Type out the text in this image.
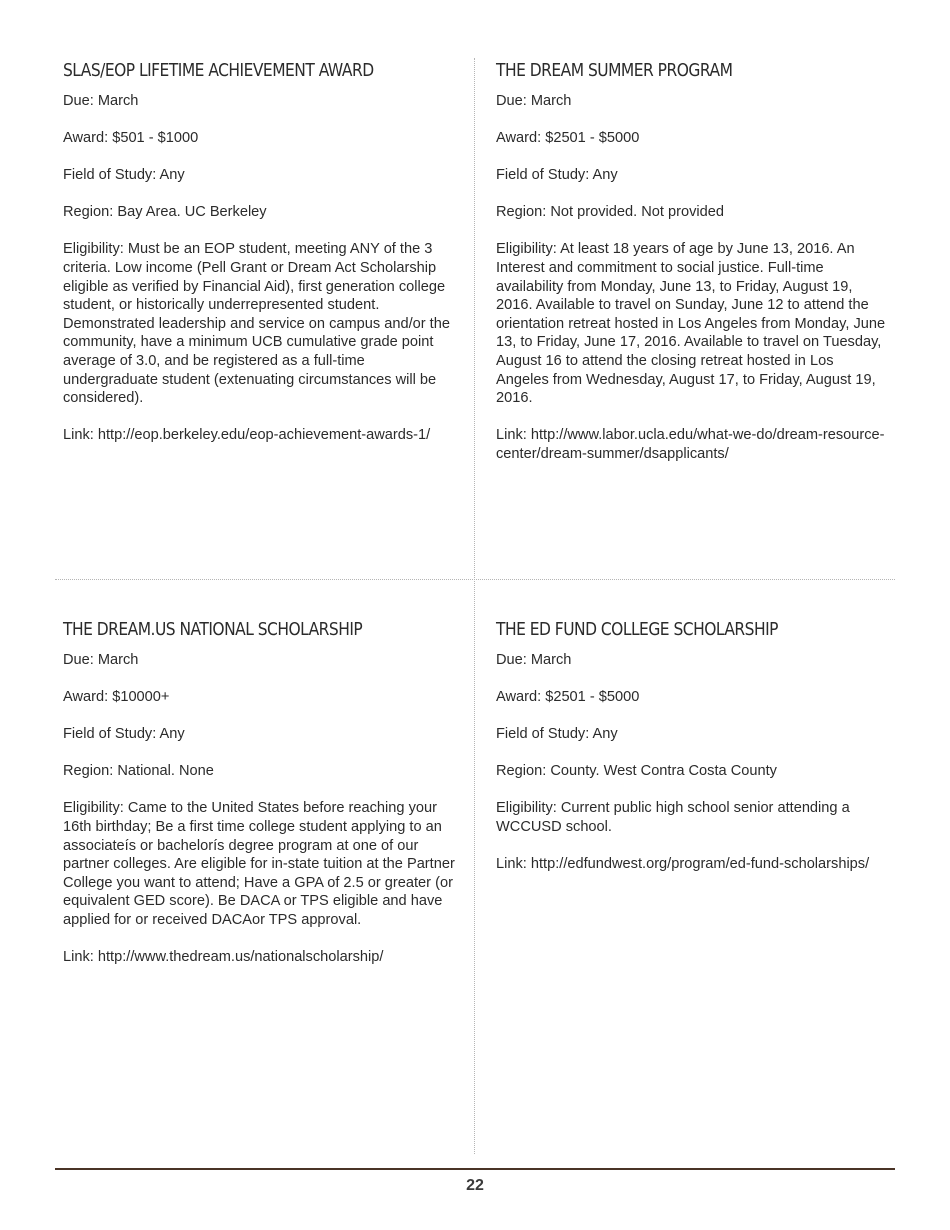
SLAS/EOP LIFETIME ACHIEVEMENT AWARD

Due: March

Award: $501 - $1000

Field of Study: Any

Region: Bay Area. UC Berkeley

Eligibility: Must be an EOP student, meeting ANY of the 3 criteria. Low income (Pell Grant or Dream Act Scholarship eligible as verified by Financial Aid), first generation college student, or historically underrepresented student. Demonstrated leadership and service on campus and/or the community, have a minimum UCB cumulative grade point average of 3.0, and be registered as a full-time undergraduate student (extenuating circumstances will be considered).

Link: http://eop.berkeley.edu/eop-achievement-awards-1/

THE DREAM SUMMER PROGRAM

Due: March

Award: $2501 - $5000

Field of Study: Any

Region: Not provided. Not provided

Eligibility: At least 18 years of age by June 13, 2016. An Interest and commitment to social justice. Full-time availability from Monday, June 13, to Friday, August 19, 2016. Available to travel on Sunday, June 12 to attend the orientation retreat hosted in Los Angeles from Monday, June 13, to Friday, June 17, 2016. Available to travel on Tuesday, August 16 to attend the closing retreat hosted in Los Angeles from Wednesday, August 17, to Friday, August 19, 2016.

Link: http://www.labor.ucla.edu/what-we-do/dream-resource-center/dream-summer/dsapplicants/

THE DREAM.US NATIONAL SCHOLARSHIP

Due: March

Award: $10000+

Field of Study: Any

Region: National. None

Eligibility: Came to the United States before reaching your 16th birthday; Be a first time college student applying to an associateís or bachelorís degree program at one of our partner colleges. Are eligible for in-state tuition at the Partner College you want to attend; Have a GPA of 2.5 or greater (or equivalent GED score). Be DACA or TPS eligible and have applied for or received DACAor TPS approval.

Link: http://www.thedream.us/nationalscholarship/

THE ED FUND COLLEGE SCHOLARSHIP

Due: March

Award: $2501 - $5000

Field of Study: Any

Region: County. West Contra Costa County

Eligibility: Current public high school senior attending a WCCUSD school.

Link: http://edfundwest.org/program/ed-fund-scholarships/

22
